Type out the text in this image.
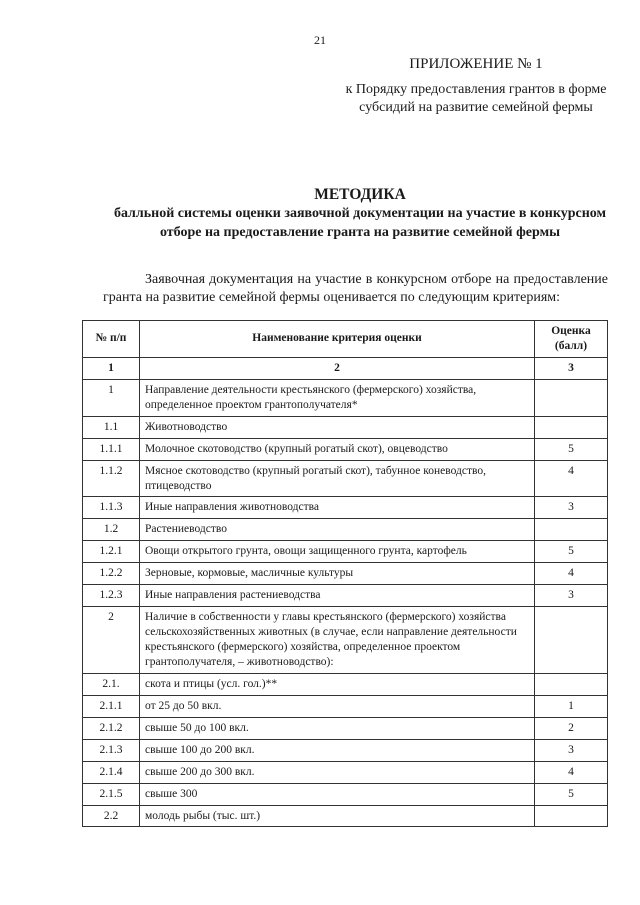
21
ПРИЛОЖЕНИЕ № 1
к Порядку предоставления грантов в форме субсидий на развитие семейной фермы
МЕТОДИКА
балльной системы оценки заявочной документации на участие в конкурсном отборе на предоставление гранта на развитие семейной фермы
Заявочная документация на участие в конкурсном отборе на предоставление гранта на развитие семейной фермы оценивается по следующим критериям:
№ п/п	Наименование критерия оценки	Оценка (балл)
1	2	3
1	Направление деятельности крестьянского (фермерского) хозяйства, определенное проектом грантополучателя*	
1.1	Животноводство	
1.1.1	Молочное скотоводство (крупный рогатый скот), овцеводство	5
1.1.2	Мясное скотоводство (крупный рогатый скот), табунное коневодство, птицеводство	4
1.1.3	Иные направления животноводства	3
1.2	Растениеводство	
1.2.1	Овощи открытого грунта, овощи защищенного грунта, картофель	5
1.2.2	Зерновые, кормовые, масличные культуры	4
1.2.3	Иные направления растениеводства	3
2	Наличие в собственности у главы крестьянского (фермерского) хозяйства сельскохозяйственных животных (в случае, если направление деятельности крестьянского (фермерского) хозяйства, определенное проектом грантополучателя, – животноводство):	
2.1.	скота и птицы (усл. гол.)**	
2.1.1	от 25 до 50 вкл.	1
2.1.2	свыше 50 до 100 вкл.	2
2.1.3	свыше 100 до 200 вкл.	3
2.1.4	свыше 200 до 300 вкл.	4
2.1.5	свыше 300	5
2.2	молодь рыбы (тыс. шт.)	
